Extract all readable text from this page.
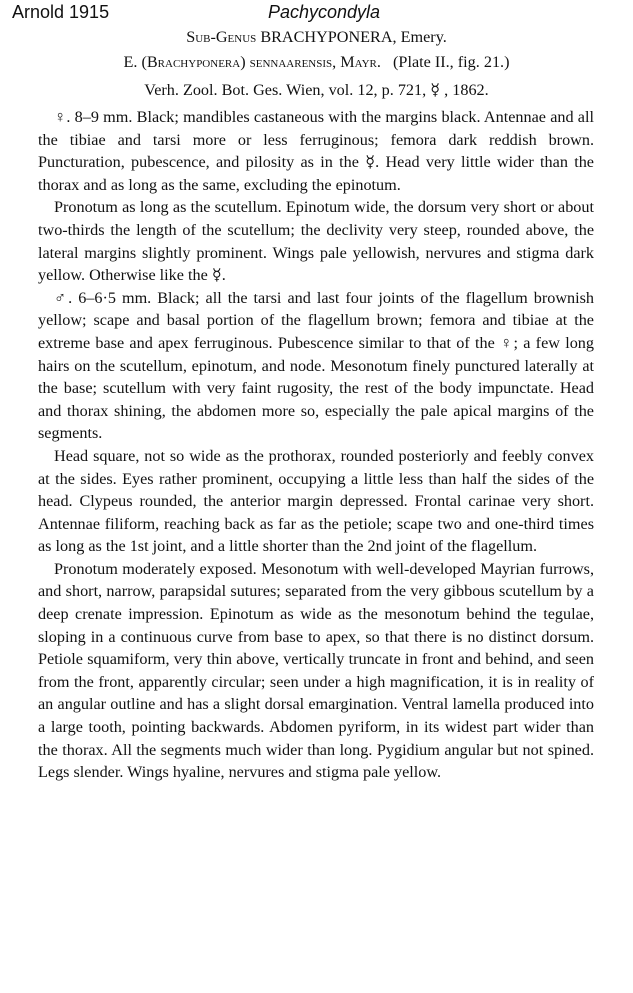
Arnold 1915	Pachycondyla
Sub-Genus BRACHYPONERA, Emery.
E. (Brachyponera) sennaarensis, Mayr. (Plate II., fig. 21.)
Verh. Zool. Bot. Ges. Wien, vol. 12, p. 721, ☿ , 1862.

♀. 8–9 mm. Black; mandibles castaneous with the margins black. Antennae and all the tibiae and tarsi more or less ferruginous; femora dark reddish brown. Puncturation, pubescence, and pilosity as in the ☿. Head very little wider than the thorax and as long as the same, excluding the epinotum.

Pronotum as long as the scutellum. Epinotum wide, the dorsum very short or about two-thirds the length of the scutellum; the declivity very steep, rounded above, the lateral margins slightly prominent. Wings pale yellowish, nervures and stigma dark yellow. Otherwise like the ☿.

♂. 6–6·5 mm. Black; all the tarsi and last four joints of the flagellum brownish yellow; scape and basal portion of the flagellum brown; femora and tibiae at the extreme base and apex ferruginous. Pubescence similar to that of the ♀; a few long hairs on the scutellum, epinotum, and node. Mesonotum finely punctured laterally at the base; scutellum with very faint rugosity, the rest of the body impunctate. Head and thorax shining, the abdomen more so, especially the pale apical margins of the segments.

Head square, not so wide as the prothorax, rounded posteriorly and feebly convex at the sides. Eyes rather prominent, occupying a little less than half the sides of the head. Clypeus rounded, the anterior margin depressed. Frontal carinae very short. Antennae filiform, reaching back as far as the petiole; scape two and one-third times as long as the 1st joint, and a little shorter than the 2nd joint of the flagellum.

Pronotum moderately exposed. Mesonotum with well-developed Mayrian furrows, and short, narrow, parapsidal sutures; separated from the very gibbous scutellum by a deep crenate impression. Epinotum as wide as the mesonotum behind the tegulae, sloping in a continuous curve from base to apex, so that there is no distinct dorsum. Petiole squamiform, very thin above, vertically truncate in front and behind, and seen from the front, apparently circular; seen under a high magnification, it is in reality of an angular outline and has a slight dorsal emargination. Ventral lamella produced into a large tooth, pointing backwards. Abdomen pyriform, in its widest part wider than the thorax. All the segments much wider than long. Pygidium angular but not spined. Legs slender. Wings hyaline, nervures and stigma pale yellow.
